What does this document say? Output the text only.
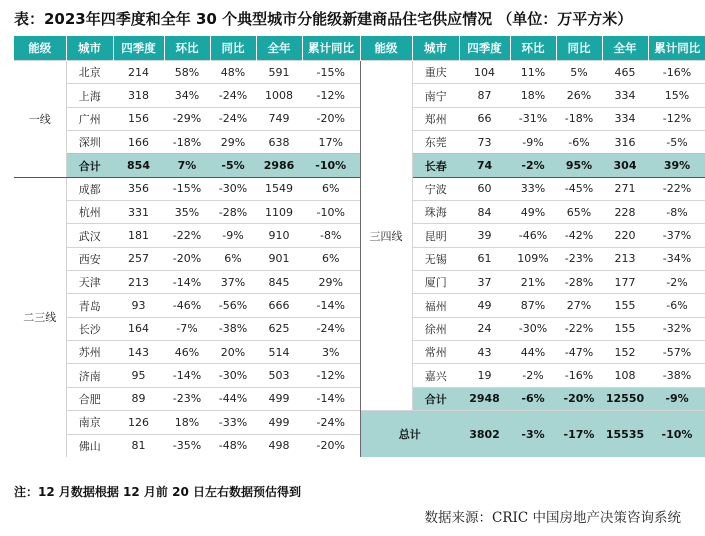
表：2023年四季度和全年 30 个典型城市分能级新建商品住宅供应情况 （单位：万平方米）
能级	城市	四季度	环比	同比	全年	累计同比	能级	城市	四季度	环比	同比	全年	累计同比
一线	北京	214	58%	48%	591	-15%	三四线	重庆	104	11%	5%	465	-16%
	上海	318	34%	-24%	1008	-12%		南宁	87	18%	26%	334	15%
	广州	156	-29%	-24%	749	-20%		郑州	66	-31%	-18%	334	-12%
	深圳	166	-18%	29%	638	17%		东莞	73	-9%	-6%	316	-5%
	合计	854	7%	-5%	2986	-10%		长春	74	-2%	95%	304	39%
二三线	成都	356	-15%	-30%	1549	6%		宁波	60	33%	-45%	271	-22%
	杭州	331	35%	-28%	1109	-10%		珠海	84	49%	65%	228	-8%
	武汉	181	-22%	-9%	910	-8%		昆明	39	-46%	-42%	220	-37%
	西安	257	-20%	6%	901	6%		无锡	61	109%	-23%	213	-34%
	天津	213	-14%	37%	845	29%		厦门	37	21%	-28%	177	-2%
	青岛	93	-46%	-56%	666	-14%		福州	49	87%	27%	155	-6%
	长沙	164	-7%	-38%	625	-24%		徐州	24	-30%	-22%	155	-32%
	苏州	143	46%	20%	514	3%		常州	43	44%	-47%	152	-57%
	济南	95	-14%	-30%	503	-12%		嘉兴	19	-2%	-16%	108	-38%
	合肥	89	-23%	-44%	499	-14%		合计	2948	-6%	-20%	12550	-9%
	南京	126	18%	-33%	499	-24%	总计		3802	-3%	-17%	15535	-10%
	佛山	81	-35%	-48%	498	-20%							
注：12 月数据根据 12 月前 20 日左右数据预估得到
数据来源：CRIC 中国房地产决策咨询系统
